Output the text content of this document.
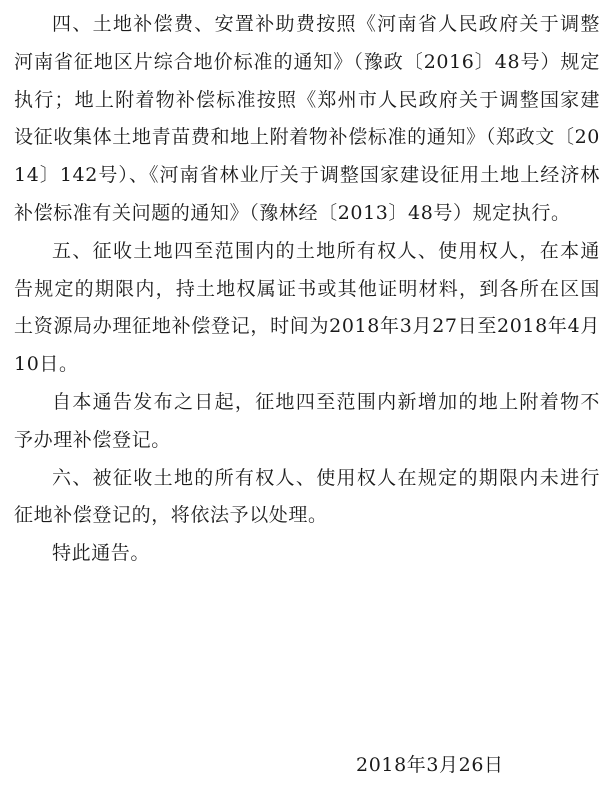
四、土地补偿费、安置补助费按照《河南省人民政府关于调整河南省征地区片综合地价标准的通知》（豫政〔2016〕48号）规定执行；地上附着物补偿标准按照《郑州市人民政府关于调整国家建设征收集体土地青苗费和地上附着物补偿标准的通知》（郑政文〔2014〕142号）、《河南省林业厅关于调整国家建设征用土地上经济林补偿标准有关问题的通知》（豫林经〔2013〕48号）规定执行。

五、征收土地四至范围内的土地所有权人、使用权人，在本通告规定的期限内，持土地权属证书或其他证明材料，到各所在区国土资源局办理征地补偿登记，时间为2018年3月27日至2018年4月10日。

自本通告发布之日起，征地四至范围内新增加的地上附着物不予办理补偿登记。

六、被征收土地的所有权人、使用权人在规定的期限内未进行征地补偿登记的，将依法予以处理。

特此通告。

2018年3月26日
